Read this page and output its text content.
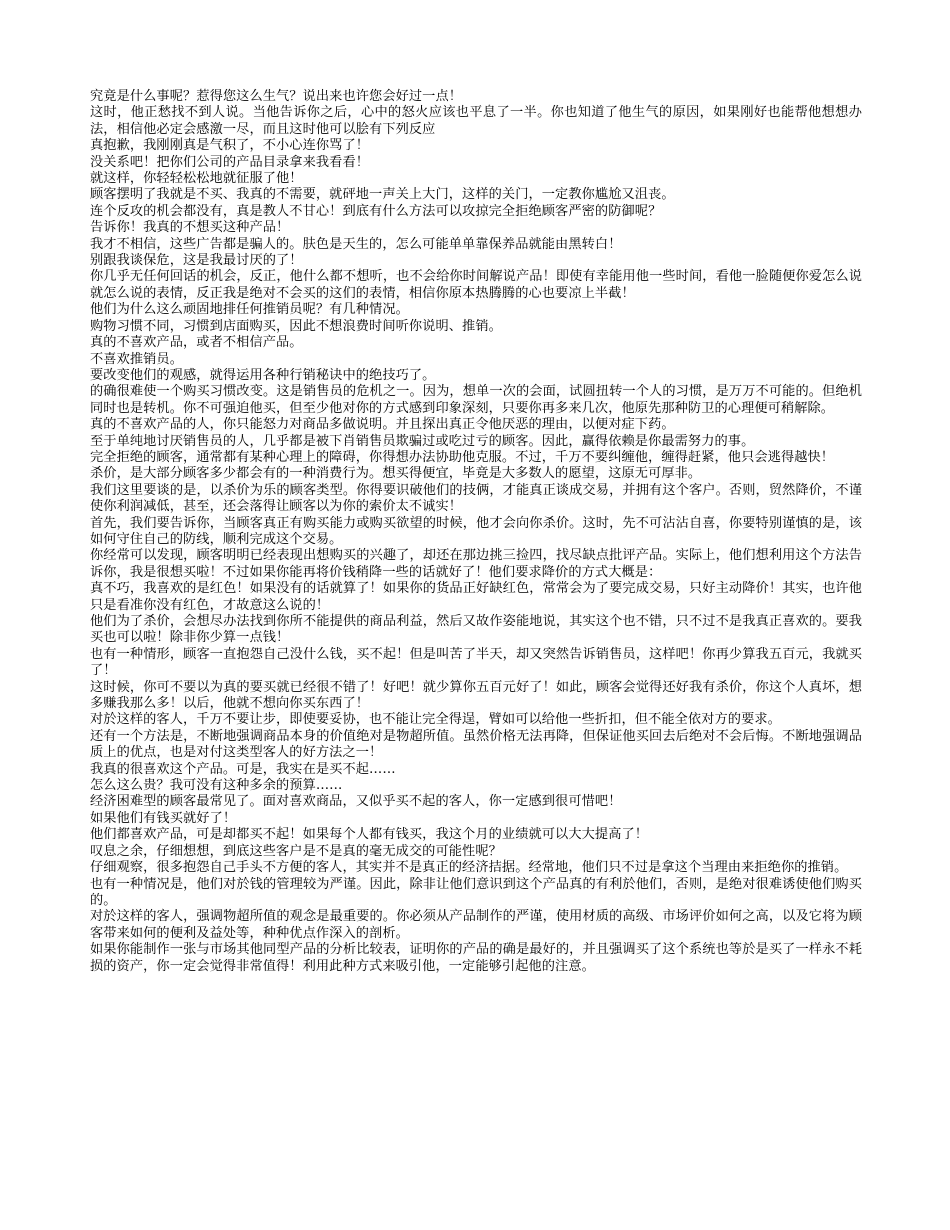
究竟是什么事呢？惹得您这么生气？说出来也许您会好过一点！

这时，他正愁找不到人说。当他告诉你之后，心中的怒火应该也平息了一半。你也知道了他生气的原因，如果刚好也能帮他想想办法，相信他必定会感激一尽，而且这时他可以脍有下列反应

真抱歉，我刚刚真是气积了，不小心连你骂了！

没关系吧！把你们公司的产品目录拿来我看看！

就这样，你轻轻松松地就征服了他！

顾客摆明了我就是不买、我真的不需要，就砰地一声关上大门，这样的关门，一定教你尴尬又沮丧。

连个反攻的机会都没有，真是教人不甘心！到底有什么方法可以攻掠完全拒绝顾客严密的防御呢？

告诉你！我真的不想买这种产品！

我才不相信，这些广告都是骗人的。肤色是天生的，怎么可能单单靠保养品就能由黑转白！

别跟我谈保危，这是我最讨厌的了！

你几乎无任何回话的机会，反正，他什么都不想听，也不会给你时间解说产品！即使有幸能用他一些时间，看他一脸随便你爱怎么说就怎么说的表情，反正我是绝对不会买的这们的表情，相信你原本热腾腾的心也要凉上半截！

他们为什么这么顽固地排任何推销员呢？有几种情况。

购物习惯不同，习惯到店面购买，因此不想浪费时间听你说明、推销。

真的不喜欢产品，或者不相信产品。

不喜欢推销员。

要改变他们的观感，就得运用各种行销秘诀中的绝技巧了。

的确很难使一个购买习惯改变。这是销售员的危机之一。因为，想单一次的会面，试圆扭转一个人的习惯，是万万不可能的。但绝机同时也是转机。你不可强迫他买，但至少他对你的方式感到印象深刻，只要你再多来几次，他原先那种防卫的心理便可稍解除。

真的不喜欢产品的人，你只能怒力对商品多做说明。并且探出真正令他厌恶的理由，以便对症下药。

至于单纯地讨厌销售员的人，几乎都是被下肖销售员欺骗过或吃过亏的顾客。因此，赢得依赖是你最需努力的事。

完全拒绝的顾客，通常都有某种心理上的障碍，你得想办法协助他克服。不过，千万不要纠缠他，缠得赶紧，他只会逃得越快！

杀价，是大部分顾客多少都会有的一种消费行为。想买得便宜，毕竟是大多数人的愿望，这原无可厚非。

我们这里要谈的是，以杀价为乐的顾客类型。你得要识破他们的技俩，才能真正谈成交易，并拥有这个客户。否则，贸然降价，不谨使你利润减低，甚至，还会落得让顾客以为你的索价太不诚实！

首先，我们要告诉你，当顾客真正有购买能力或购买欲望的时候，他才会向你杀价。这时，先不可沾沾自喜，你要特别谨慎的是，该如何守住自己的防线，顺利完成这个交易。

你经常可以发现，顾客明明已经表现出想购买的兴趣了，却还在那边挑三捡四，找尽缺点批评产品。实际上，他们想利用这个方法告诉你，我是很想买啦！不过如果你能再将价钱稍降一些的话就好了！他们要求降价的方式大概是：

真不巧，我喜欢的是红色！如果没有的话就算了！如果你的货品正好缺红色，常常会为了要完成交易，只好主动降价！其实，也许他只是看准你没有红色，才故意这么说的！

他们为了杀价，会想尽办法找到你所不能提供的商品利益，然后又故作姿能地说，其实这个也不错，只不过不是我真正喜欢的。要我买也可以啦！除非你少算一点钱！

也有一种情形，顾客一直抱怨自己没什么钱，买不起！但是叫苦了半天，却又突然告诉销售员，这样吧！你再少算我五百元，我就买了！

这时候，你可不要以为真的要买就已经很不错了！好吧！就少算你五百元好了！如此，顾客会觉得还好我有杀价，你这个人真坏，想多赚我那么多！以后，他就不想向你买东西了！

对於这样的客人，千万不要让步，即使要妥协，也不能让完全得逞，臂如可以给他一些折扣，但不能全依对方的要求。

还有一个方法是，不断地强调商品本身的价值绝对是物超所值。虽然价格无法再降，但保证他买回去后绝对不会后悔。不断地强调品质上的优点，也是对付这类型客人的好方法之一！

我真的很喜欢这个产品。可是，我实在是买不起……

怎么这么贵？我可没有这种多余的预算……

经济困难型的顾客最常见了。面对喜欢商品，又似乎买不起的客人，你一定感到很可惜吧！

如果他们有钱买就好了！

他们都喜欢产品，可是却都买不起！如果每个人都有钱买，我这个月的业绩就可以大大提高了！

叹息之余，仔细想想，到底这些客户是不是真的毫无成交的可能性呢？

仔细观察，很多抱怨自己手头不方便的客人，其实并不是真正的经济拮据。经常地，他们只不过是拿这个当理由来拒绝你的推销。

也有一种情况是，他们对於钱的管理较为严谨。因此，除非让他们意识到这个产品真的有利於他们，否则，是绝对很难诱使他们购买的。

对於这样的客人，强调物超所值的观念是最重要的。你必须从产品制作的严谨，使用材质的高级、市场评价如何之高，以及它将为顾客带来如何的便利及益处等，种种优点作深入的剖析。

如果你能制作一张与市场其他同型产品的分析比较表，证明你的产品的确是最好的，并且强调买了这个系统也等於是买了一样永不耗损的资产，你一定会觉得非常值得！利用此种方式来吸引他，一定能够引起他的注意。
